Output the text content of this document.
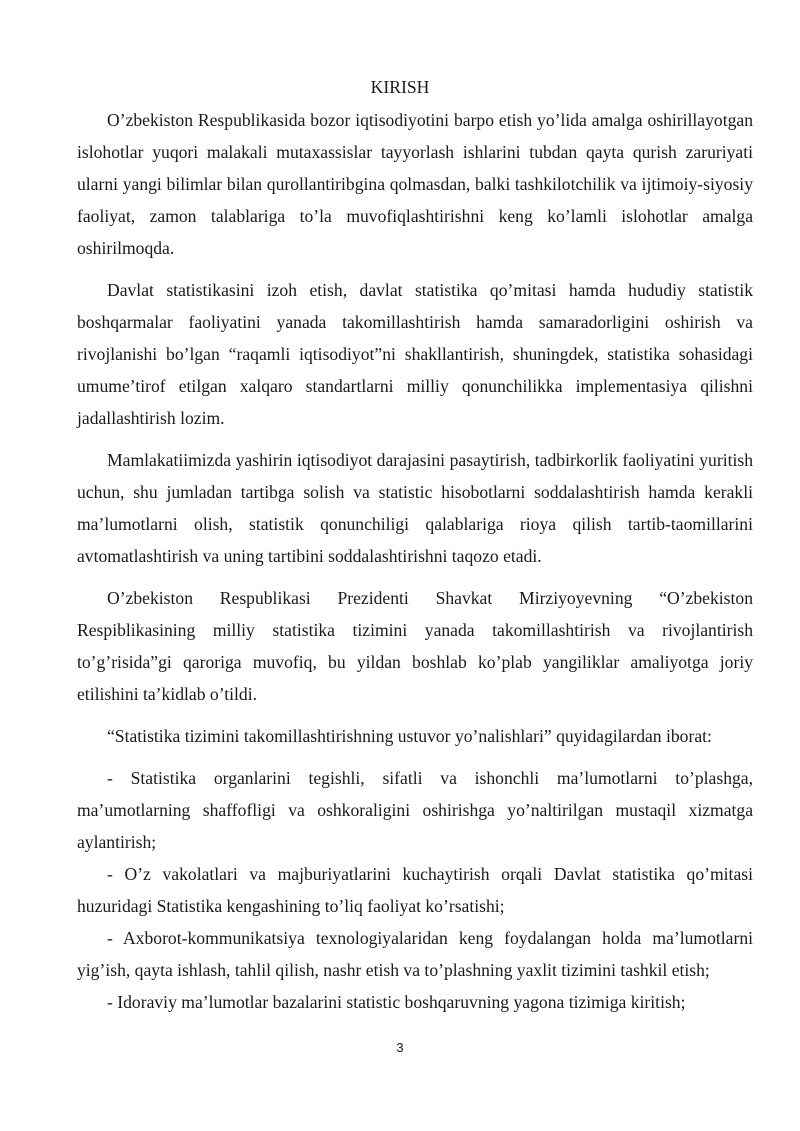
KIRISH

O’zbekiston Respublikasida bozor iqtisodiyotini barpo etish yo’lida amalga oshirillayotgan islohotlar yuqori malakali mutaxassislar tayyorlash ishlarini tubdan qayta qurish zaruriyati ularni yangi bilimlar bilan qurollantiribgina qolmasdan, balki tashkilotchilik va ijtimoiy-siyosiy faoliyat, zamon talablariga to’la muvofiqlashtirishni keng ko’lamli islohotlar amalga oshirilmoqda.

Davlat statistikasini izoh etish, davlat statistika qo’mitasi hamda hududiy statistik boshqarmalar faoliyatini yanada takomillashtirish hamda samaradorligini oshirish va rivojlanishi bo’lgan “raqamli iqtisodiyot”ni shakllantirish, shuningdek, statistika sohasidagi umume’tirof etilgan xalqaro standartlarni milliy qonunchilikka implementasiya qilishni jadallashtirish lozim.

Mamlakatiimizda yashirin iqtisodiyot darajasini pasaytirish, tadbirkorlik faoliyatini yuritish uchun, shu jumladan tartibga solish va statistic hisobotlarni soddalashtirish hamda kerakli ma’lumotlarni olish, statistik qonunchiligi qalablariga rioya qilish tartib-taomillarini avtomatlashtirish va uning tartibini soddalashtirishni taqozo etadi.

O’zbekiston Respublikasi Prezidenti Shavkat Mirziyoyevning “O’zbekiston Respiblikasining milliy statistika tizimini yanada takomillashtirish va rivojlantirish to’g’risida”gi qaroriga muvofiq, bu yildan boshlab ko’plab yangiliklar amaliyotga joriy etilishini ta’kidlab o’tildi.

“Statistika tizimini takomillashtirishning ustuvor yo’nalishlari” quyidagilardan iborat:

- Statistika organlarini tegishli, sifatli va ishonchli ma’lumotlarni to’plashga, ma’umotlarning shaffofligi va oshkoraligini oshirishga yo’naltirilgan mustaqil xizmatga aylantirish;

- O’z vakolatlari va majburiyatlarini kuchaytirish orqali Davlat statistika qo’mitasi huzuridagi Statistika kengashining to’liq faoliyat ko’rsatishi;

- Axborot-kommunikatsiya texnologiyalaridan keng foydalangan holda ma’lumotlarni yig’ish, qayta ishlash, tahlil qilish, nashr etish va to’plashning yaxlit tizimini tashkil etish;

- Idoraviy ma’lumotlar bazalarini statistic boshqaruvning yagona tizimiga kiritish;

3
